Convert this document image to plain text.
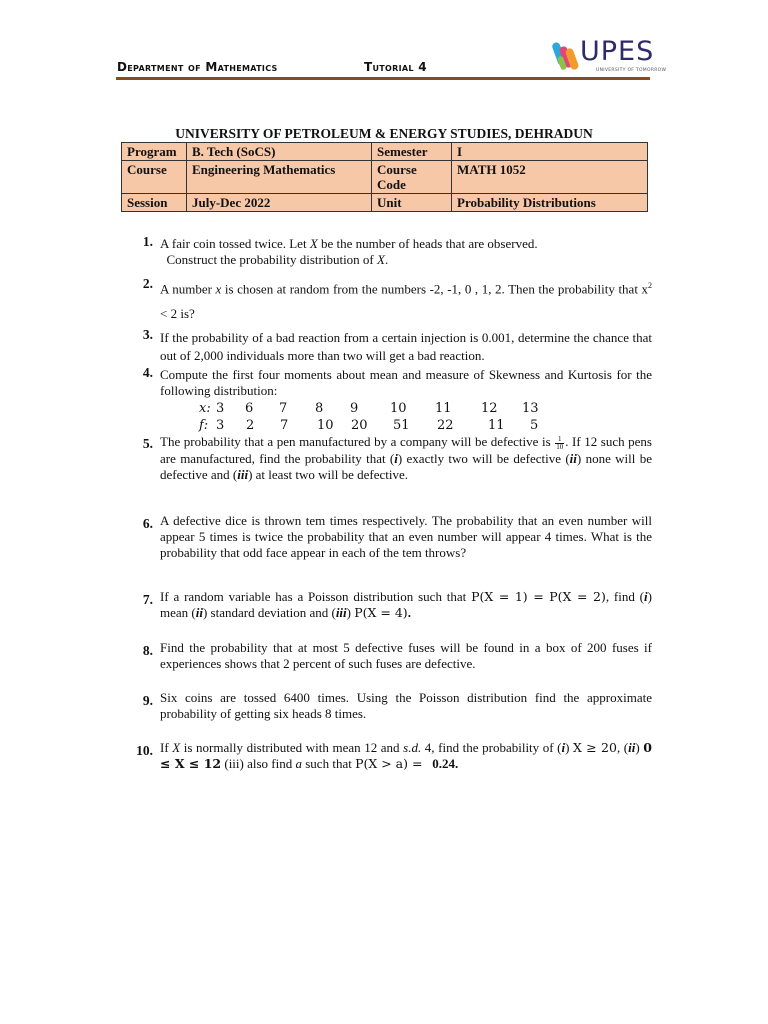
Department of Mathematics	Tutorial 4	UPES
UNIVERSITY OF TOMORROW
UNIVERSITY OF PETROLEUM & ENERGY STUDIES, DEHRADUN
Program	B. Tech (SoCS)	Semester	I
Course	Engineering Mathematics	Course Code	MATH 1052
Session	July-Dec 2022	Unit	Probability Distributions
1. A fair coin tossed twice. Let X be the number of heads that are observed.
Construct the probability distribution of X.
2. A number x is chosen at random from the numbers -2, -1, 0 , 1, 2. Then the probability that $x^2 < 2$ is?
3. If the probability of a bad reaction from a certain injection is 0.001, determine the chance that out of 2,000 individuals more than two will get a bad reaction.
4. Compute the first four moments about mean and measure of Skewness and Kurtosis for the following distribution:
x: 3 6 7 8 9 10 11 12 13
f: 3 2 7 10 20 51 22	11 5
5. The probability that a pen manufactured by a company will be defective is $\frac{1}{10}$ . If 12 such pens are manufactured, find the probability that (i) exactly two will be defective (ii) none will be defective and (iii) at least two will be defective.
6. A defective dice is thrown tem times respectively. The probability that an even number will appear 5 times is twice the probability that an even number will appear 4 times. What is the probability that odd face appear in each of the tem throws?
7. If a random variable has a Poisson distribution such that P(X = 1) = P(X = 2), find (i) mean (ii) standard deviation and (iii) P(X = 4).
8. Find the probability that at most 5 defective fuses will be found in a box of 200 fuses if experiences shows that 2 percent of such fuses are defective.
9. Six coins are tossed 6400 times. Using the Poisson distribution find the approximate probability of getting six heads 8 times.
10. If X is normally distributed with mean 12 and s.d. 4, find the probability of (i) X ≥ 20, (ii) 0 ≤ X ≤ 12 (iii) also find a such that P(X > a) = 0.24.
